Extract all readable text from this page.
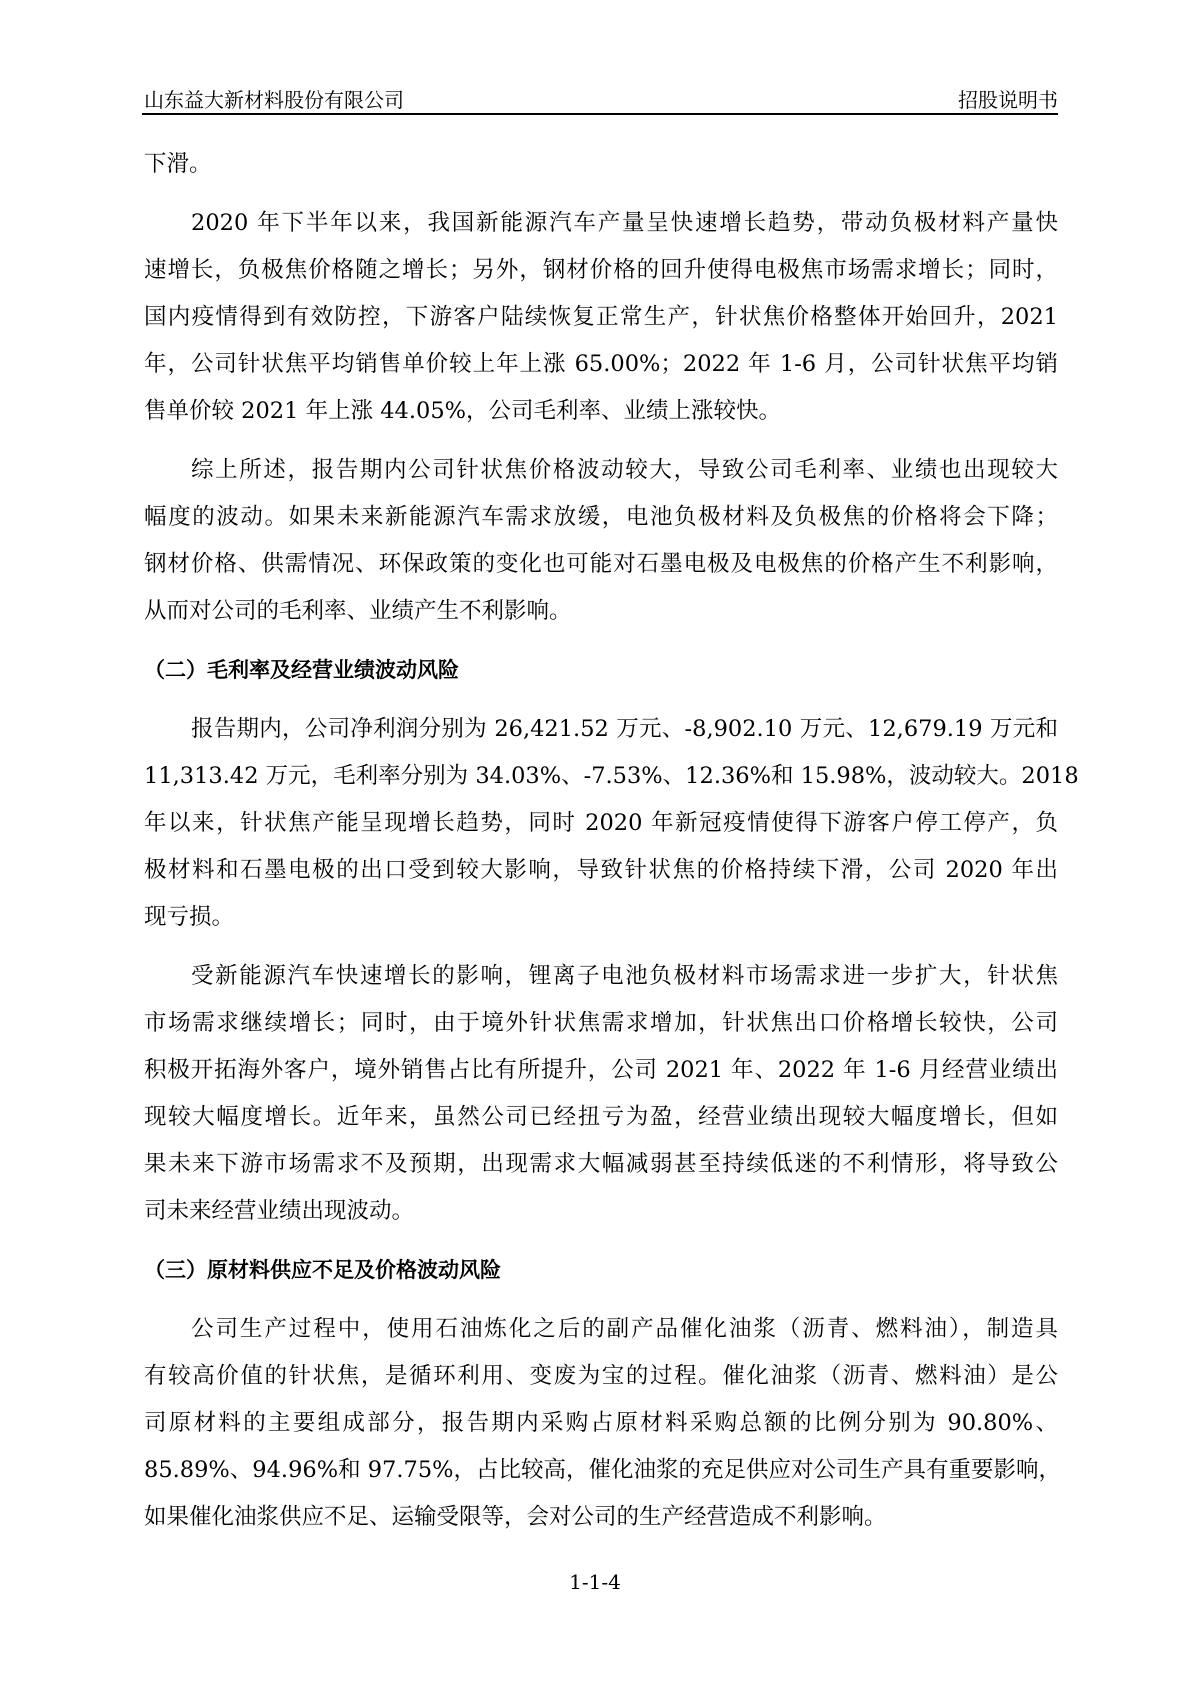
山东益大新材料股份有限公司	招股说明书
下滑。
2020 年下半年以来，我国新能源汽车产量呈快速增长趋势，带动负极材料产量快
速增长，负极焦价格随之增长；另外，钢材价格的回升使得电极焦市场需求增长；同时，
国内疫情得到有效防控，下游客户陆续恢复正常生产，针状焦价格整体开始回升，2021
年，公司针状焦平均销售单价较上年上涨 65.00%；2022 年 1-6 月，公司针状焦平均销
售单价较 2021 年上涨 44.05%，公司毛利率、业绩上涨较快。
综上所述，报告期内公司针状焦价格波动较大，导致公司毛利率、业绩也出现较大
幅度的波动。如果未来新能源汽车需求放缓，电池负极材料及负极焦的价格将会下降；
钢材价格、供需情况、环保政策的变化也可能对石墨电极及电极焦的价格产生不利影响，
从而对公司的毛利率、业绩产生不利影响。
（二）毛利率及经营业绩波动风险
报告期内，公司净利润分别为 26,421.52 万元、-8,902.10 万元、12,679.19 万元和
11,313.42 万元，毛利率分别为 34.03%、-7.53%、12.36%和 15.98%，波动较大。2018
年以来，针状焦产能呈现增长趋势，同时 2020 年新冠疫情使得下游客户停工停产，负
极材料和石墨电极的出口受到较大影响，导致针状焦的价格持续下滑，公司 2020 年出
现亏损。
受新能源汽车快速增长的影响，锂离子电池负极材料市场需求进一步扩大，针状焦
市场需求继续增长；同时，由于境外针状焦需求增加，针状焦出口价格增长较快，公司
积极开拓海外客户，境外销售占比有所提升，公司 2021 年、2022 年 1-6 月经营业绩出
现较大幅度增长。近年来，虽然公司已经扭亏为盈，经营业绩出现较大幅度增长，但如
果未来下游市场需求不及预期，出现需求大幅减弱甚至持续低迷的不利情形，将导致公
司未来经营业绩出现波动。
（三）原材料供应不足及价格波动风险
公司生产过程中，使用石油炼化之后的副产品催化油浆（沥青、燃料油），制造具
有较高价值的针状焦，是循环利用、变废为宝的过程。催化油浆（沥青、燃料油）是公
司原材料的主要组成部分，报告期内采购占原材料采购总额的比例分别为 90.80%、
85.89%、94.96%和 97.75%，占比较高，催化油浆的充足供应对公司生产具有重要影响，
如果催化油浆供应不足、运输受限等，会对公司的生产经营造成不利影响。
1-1-4
